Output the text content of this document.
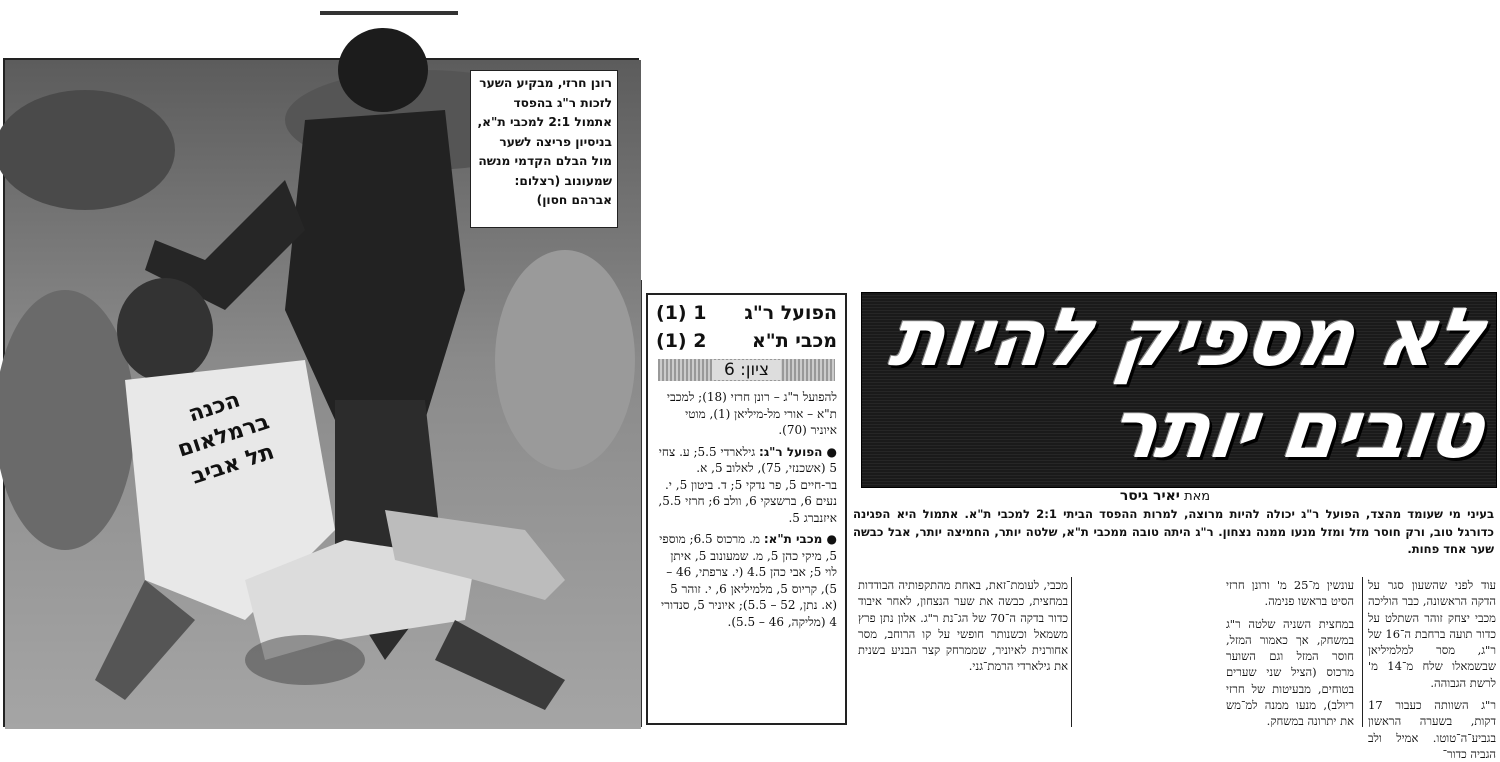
הכנה ברמלאום תל אביב
רונן חרזי, מבקיע השער לזכות ר"ג בהפסד אתמול 2:1 למכבי ת"א, בניסיון פריצה לשער מול הבלם הקדמי מנשה שמעונוב (רצלום: אברהם חסון)
הפועל ר"ג
1 (1)
מכבי ת"א
2 (1)
ציון: 6

להפועל ר"ג – רונן חרזי (18); למכבי ת"א – אורי מל-מיליאן (1), מוטי איוניר (70).

● הפועל ר"ג: גילארדי 5.5; ע. צחי 5 (אשכנזי, 75), לאלוב 5, א. בר-חיים 5, פר נדקי 5; ד. ביטון 5, י. נעים 6, ברשצקי 6, וולב 6; חרזי 5.5, איזנברג 5.

● מכבי ת"א: מ. מרכוס 6.5; מוספי 5, מיקי כהן 5, מ. שמעונוב 5, איתן לוי 5; אבי כהן 4.5 (י. צרפתי, 46 – 5), קריוס 5, מלמיליאן 6, י. זוהר 5 (א. נתן, 52 – 5.5); איוניר 5, סנדורי 4 (מליקה, 46 – 5.5).

לא מספיק להיות
טובים יותר
מאת יאיר גיסר
בעיני מי שעומד מהצד, הפועל ר"ג יכולה להיות מרוצה, למרות ההפסד הביתי 2:1 למכבי ת"א. אתמול היא הפגינה כדורגל טוב, ורק חוסר מזל ומזל מנעו ממנה נצחון. ר"ג היתה טובה ממכבי ת"א, שלטה יותר, החמיצה יותר, אבל כבשה שער אחד פחות.

עוד לפני שהשעון סגר על הדקה הראשונה, כבר הוליכה מכבי יצחק זוהר השתלט על כדור תועה ברחבת ה־16 של ר"ג, מסר למלמיליאן שבשמאלו שלח מ־14 מ' לרשת הגבוהה.

ר"ג השוותה כעבור 17 דקות, בשערה הראשון בגביע־ה־טוטו. אמיל ולב הגביה כדור־

עונשין מ־25 מ' ורונן חרזי הסיט בראשו פנימה.

במחצית השניה שלטה ר"ג במשחק, אך כאמור המזל, חוסר המזל וגם השוער מרכוס (הציל שני שערים בטוחים, מבעיטות של חרזי ריולב), מנעו ממנה למ־מש את יתרונה במשחק.

מכבי, לעומת־זאת, באחת מהתקפותיה הבודדות במחצית, כבשה את שער הנצחון, לאחר איבוד כדור בדקה ה־70 של הג־נת ר"ג. אלון נתן פרץ משמאל וכשנותר חופשי על קו הרוחב, מסר אחורנית לאיוניר, שממרחק קצר הבניע בשנית את גילארדי הרמת־גני.
